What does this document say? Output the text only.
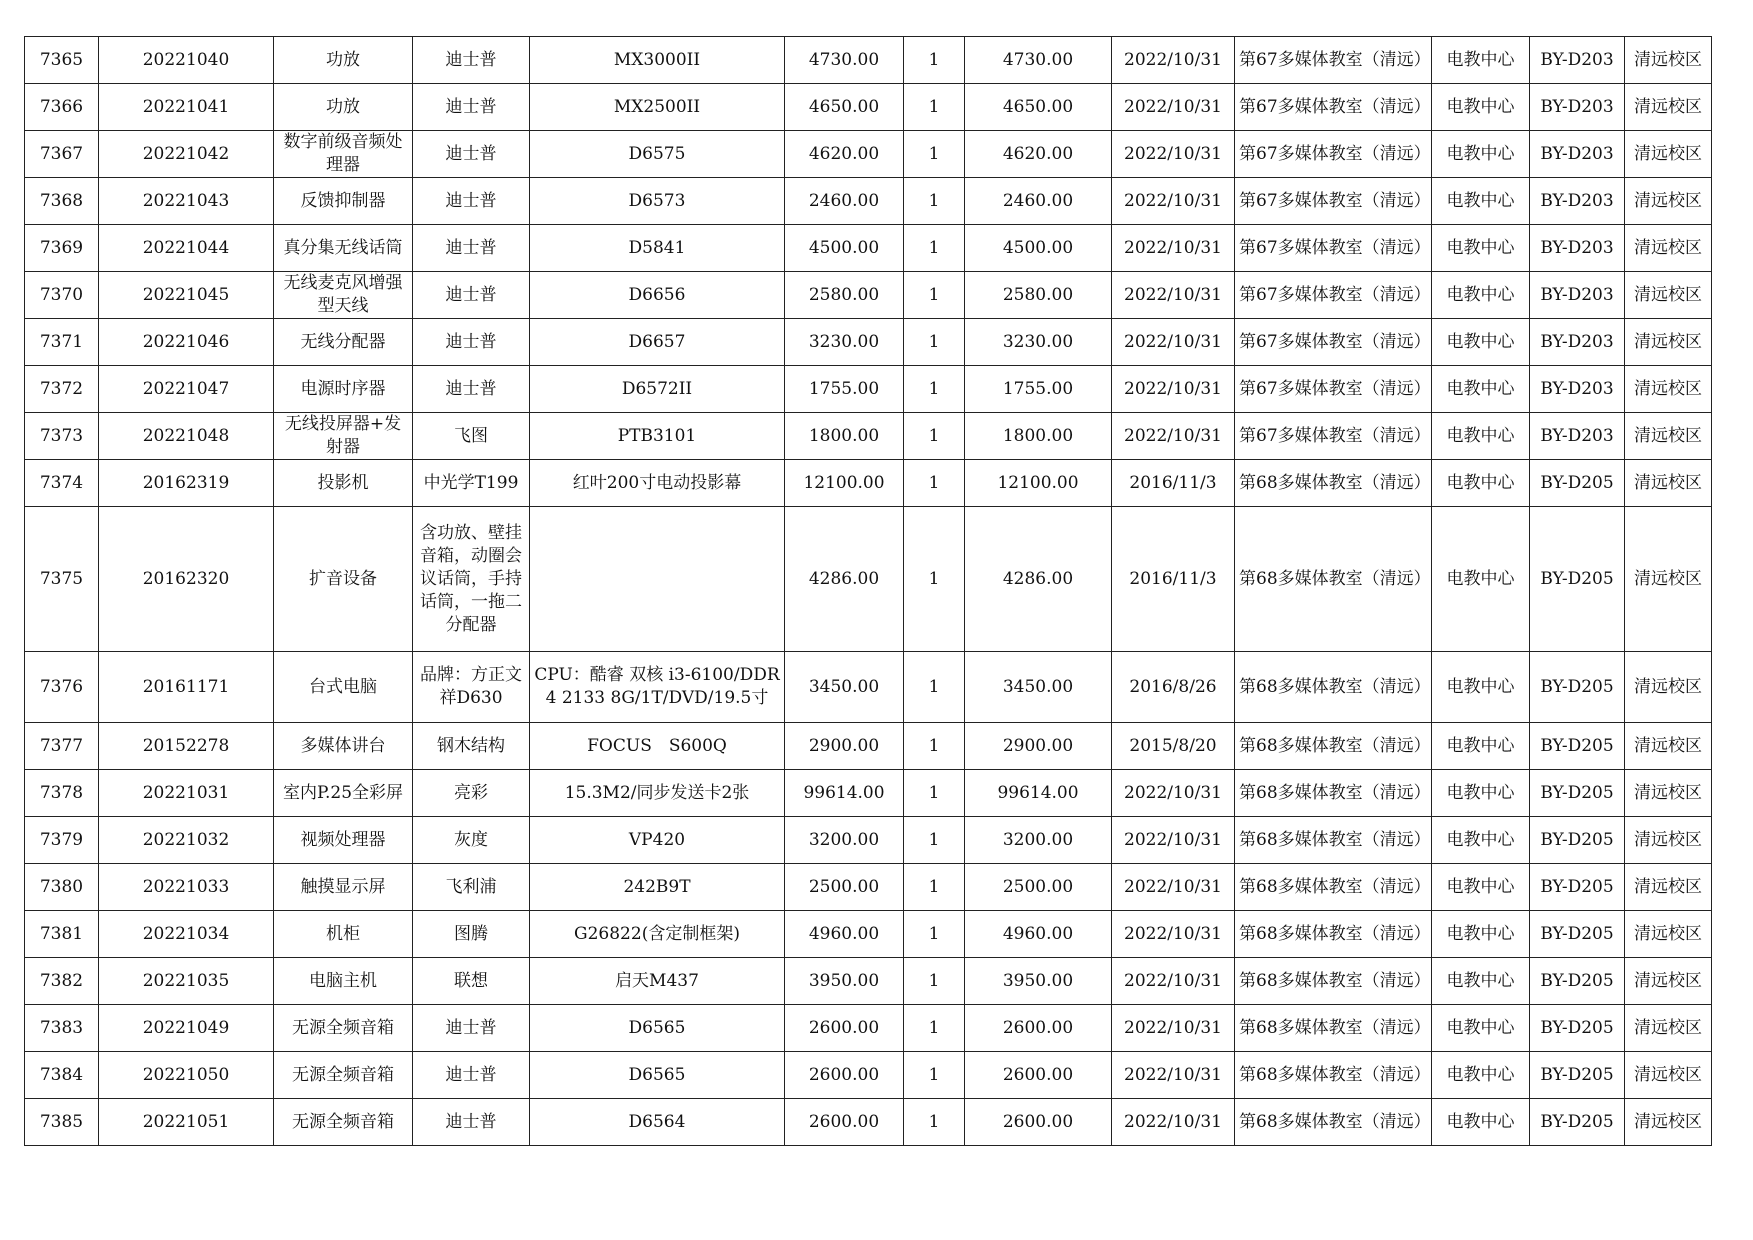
7365	20221040	功放	迪士普	MX3000II	4730.00	1	4730.00	2022/10/31	第67多媒体教室（清远）	电教中心	BY-D203	清远校区
7366	20221041	功放	迪士普	MX2500II	4650.00	1	4650.00	2022/10/31	第67多媒体教室（清远）	电教中心	BY-D203	清远校区
7367	20221042	数字前级音频处理器	迪士普	D6575	4620.00	1	4620.00	2022/10/31	第67多媒体教室（清远）	电教中心	BY-D203	清远校区
7368	20221043	反馈抑制器	迪士普	D6573	2460.00	1	2460.00	2022/10/31	第67多媒体教室（清远）	电教中心	BY-D203	清远校区
7369	20221044	真分集无线话筒	迪士普	D5841	4500.00	1	4500.00	2022/10/31	第67多媒体教室（清远）	电教中心	BY-D203	清远校区
7370	20221045	无线麦克风增强型天线	迪士普	D6656	2580.00	1	2580.00	2022/10/31	第67多媒体教室（清远）	电教中心	BY-D203	清远校区
7371	20221046	无线分配器	迪士普	D6657	3230.00	1	3230.00	2022/10/31	第67多媒体教室（清远）	电教中心	BY-D203	清远校区
7372	20221047	电源时序器	迪士普	D6572II	1755.00	1	1755.00	2022/10/31	第67多媒体教室（清远）	电教中心	BY-D203	清远校区
7373	20221048	无线投屏器+发射器	飞图	PTB3101	1800.00	1	1800.00	2022/10/31	第67多媒体教室（清远）	电教中心	BY-D203	清远校区
7374	20162319	投影机	中光学T199	红叶200寸电动投影幕	12100.00	1	12100.00	2016/11/3	第68多媒体教室（清远）	电教中心	BY-D205	清远校区
7375	20162320	扩音设备	含功放、壁挂音箱，动圈会议话筒，手持话筒，一拖二分配器		4286.00	1	4286.00	2016/11/3	第68多媒体教室（清远）	电教中心	BY-D205	清远校区
7376	20161171	台式电脑	品牌：方正文祥D630	CPU：酷睿 双核 i3-6100/DDR4 2133 8G/1T/DVD/19.5寸	3450.00	1	3450.00	2016/8/26	第68多媒体教室（清远）	电教中心	BY-D205	清远校区
7377	20152278	多媒体讲台	钢木结构	FOCUS　S600Q	2900.00	1	2900.00	2015/8/20	第68多媒体教室（清远）	电教中心	BY-D205	清远校区
7378	20221031	室内P.25全彩屏	亮彩	15.3M2/同步发送卡2张	99614.00	1	99614.00	2022/10/31	第68多媒体教室（清远）	电教中心	BY-D205	清远校区
7379	20221032	视频处理器	灰度	VP420	3200.00	1	3200.00	2022/10/31	第68多媒体教室（清远）	电教中心	BY-D205	清远校区
7380	20221033	触摸显示屏	飞利浦	242B9T	2500.00	1	2500.00	2022/10/31	第68多媒体教室（清远）	电教中心	BY-D205	清远校区
7381	20221034	机柜	图腾	G26822(含定制框架)	4960.00	1	4960.00	2022/10/31	第68多媒体教室（清远）	电教中心	BY-D205	清远校区
7382	20221035	电脑主机	联想	启天M437	3950.00	1	3950.00	2022/10/31	第68多媒体教室（清远）	电教中心	BY-D205	清远校区
7383	20221049	无源全频音箱	迪士普	D6565	2600.00	1	2600.00	2022/10/31	第68多媒体教室（清远）	电教中心	BY-D205	清远校区
7384	20221050	无源全频音箱	迪士普	D6565	2600.00	1	2600.00	2022/10/31	第68多媒体教室（清远）	电教中心	BY-D205	清远校区
7385	20221051	无源全频音箱	迪士普	D6564	2600.00	1	2600.00	2022/10/31	第68多媒体教室（清远）	电教中心	BY-D205	清远校区
